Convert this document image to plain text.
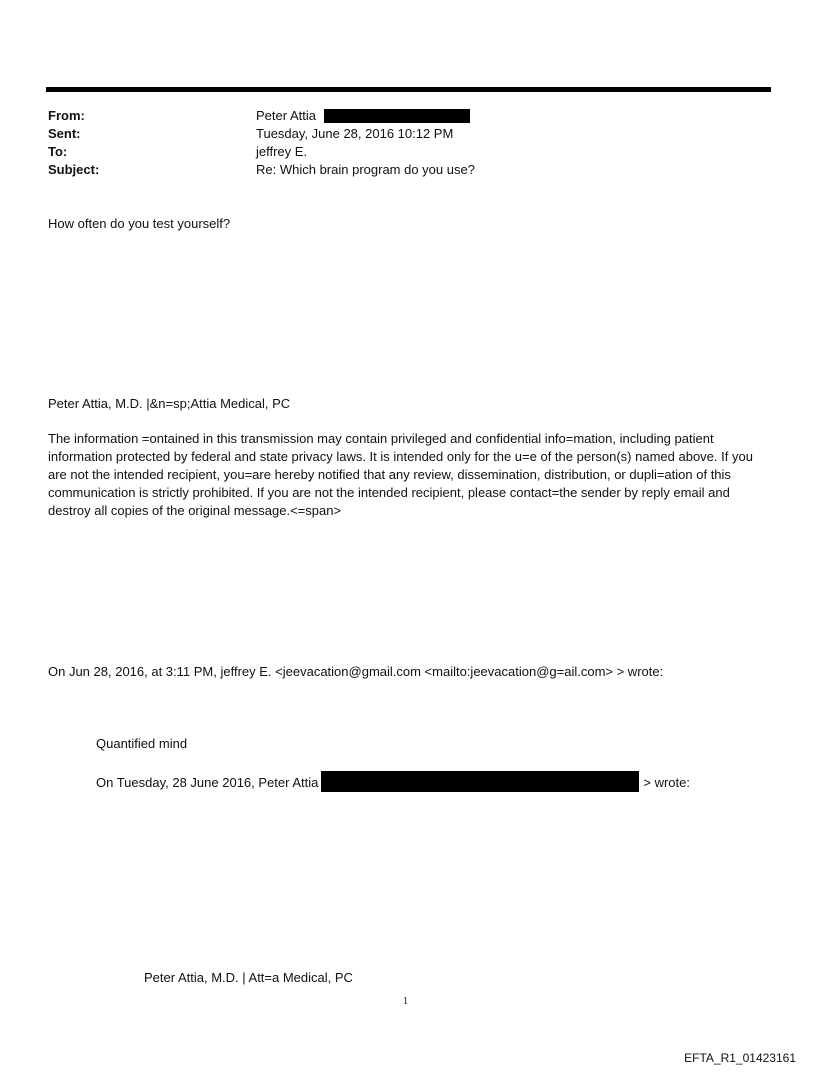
From:	Peter Attia
Sent:	Tuesday, June 28, 2016 10:12 PM
To:	jeffrey E.
Subject:	Re: Which brain program do you use?
How often do you test yourself?
Peter Attia, M.D. |&n=sp;Attia Medical, PC
The information =ontained in this transmission may contain privileged and confidential info=mation, including patient information protected by federal and state privacy laws. It is intended only for the u=e of the person(s) named above. If you are not the intended recipient, you=are hereby notified that any review, dissemination, distribution, or dupli=ation of this communication is strictly prohibited. If you are not the intended recipient, please contact=the sender by reply email and destroy all copies of the original message.<=span>
On Jun 28, 2016, at 3:11 PM, jeffrey E. <jeevacation@gmail.com <mailto:jeevacation@g=ail.com> > wrote:
Quantified mind
On Tuesday, 28 June 2016, Peter Attia	> wrote:
Peter Attia, M.D. | Att=a Medical, PC
1
EFTA_R1_01423161
